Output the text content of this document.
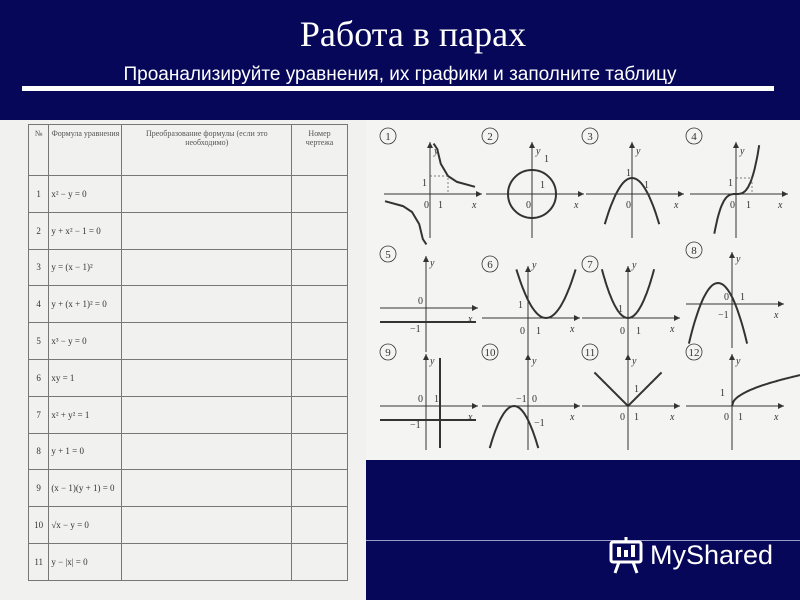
Работа в парах
Проанализируйте уравнения, их графики и заполните таблицу
№	Формула уравнения	Преобразование формулы (если это необходимо)	Номер чертежа
1	x² − y = 0		
2	y + x² − 1 = 0		
3	y = (x − 1)²		
4	y + (x + 1)² = 0		
5	x³ − y = 0		
6	xy = 1		
7	x² + y² = 1		
8	y + 1 = 0		
9	(x − 1)(y + 1) = 0		
10	√x − y = 0		
11	y − |x| = 0		
1
y
x
0 1
1
2
y
x
0
1
1
3
y
x
0
1
1
4
y
x
0 1
1
5
y
x
0
−1
6	y
x
0 1
1
7	y
x
0 1
1
8
y
x
0 1
−1
9
y
x
0 1
−1
10
y
x
0
−1
−1
11
y
x
0 1
1
12
y
x
0 1
1
MyShared
